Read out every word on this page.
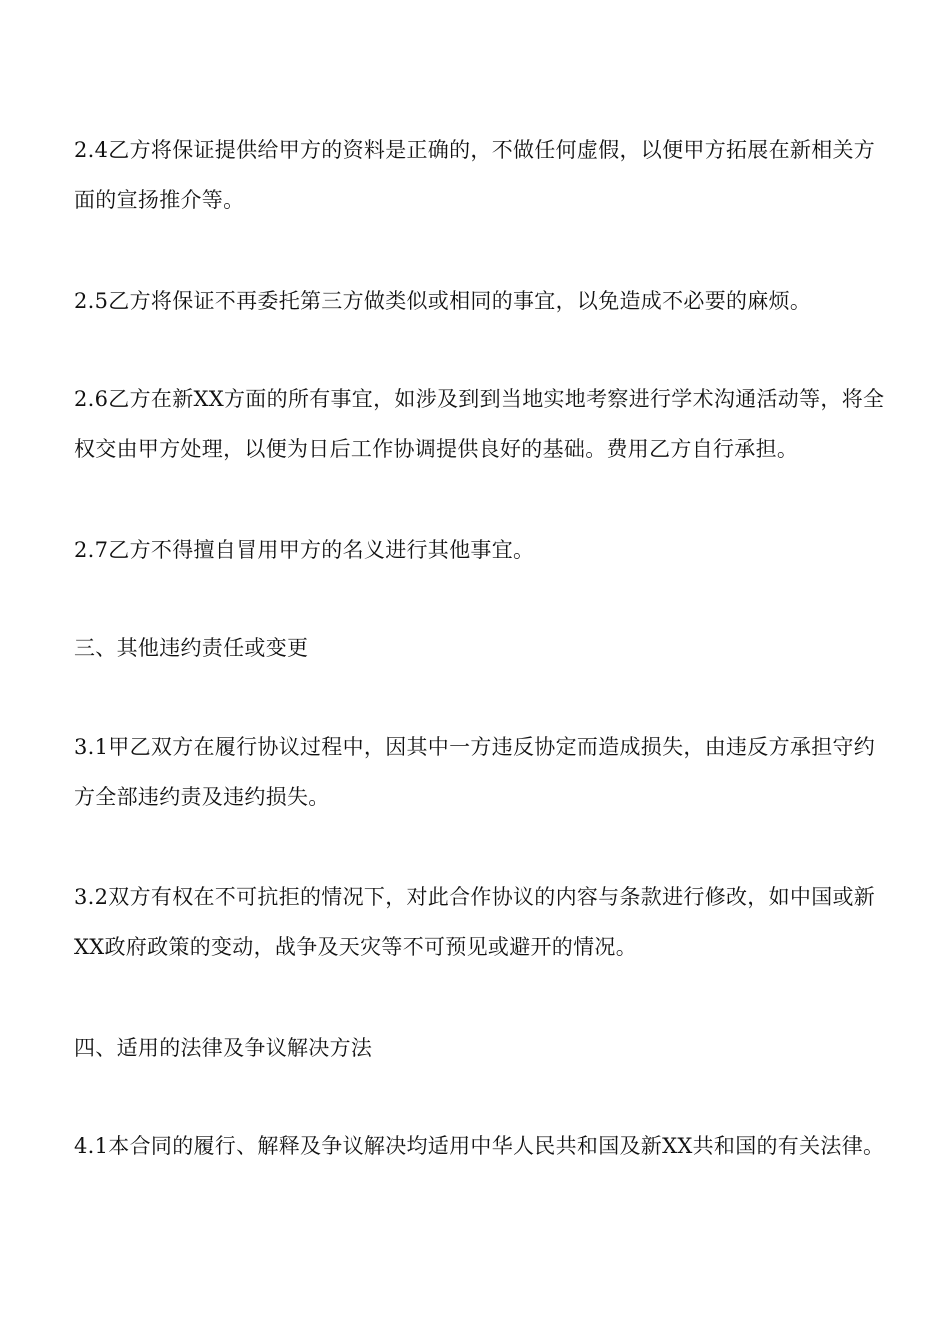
2.4乙方将保证提供给甲方的资料是正确的，不做任何虚假，以便甲方拓展在新相关方面的宣扬推介等。

2.5乙方将保证不再委托第三方做类似或相同的事宜，以免造成不必要的麻烦。

2.6乙方在新XX方面的所有事宜，如涉及到到当地实地考察进行学术沟通活动等，将全权交由甲方处理，以便为日后工作协调提供良好的基础。费用乙方自行承担。

2.7乙方不得擅自冒用甲方的名义进行其他事宜。

三、其他违约责任或变更

3.1甲乙双方在履行协议过程中，因其中一方违反协定而造成损失，由违反方承担守约方全部违约责及违约损失。

3.2双方有权在不可抗拒的情况下，对此合作协议的内容与条款进行修改，如中国或新XX政府政策的变动，战争及天灾等不可预见或避开的情况。

四、适用的法律及争议解决方法

4.1本合同的履行、解释及争议解决均适用中华人民共和国及新XX共和国的有关法律。
